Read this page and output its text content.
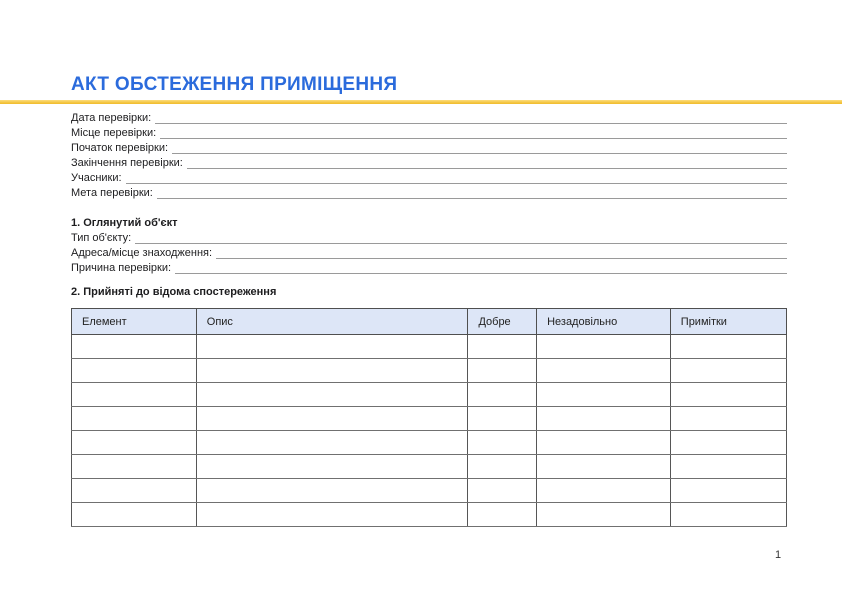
АКТ ОБСТЕЖЕННЯ ПРИМІЩЕННЯ
Дата перевірки:
Місце перевірки:
Початок перевірки:
Закінчення перевірки:
Учасники:
Мета перевірки:
1. Оглянутий об'єкт
Тип об'єкту:
Адреса/місце знаходження:
Причина перевірки:
2. Прийняті до відома спостереження
Елемент	Опис	Добре	Незадовільно	Примітки

1
